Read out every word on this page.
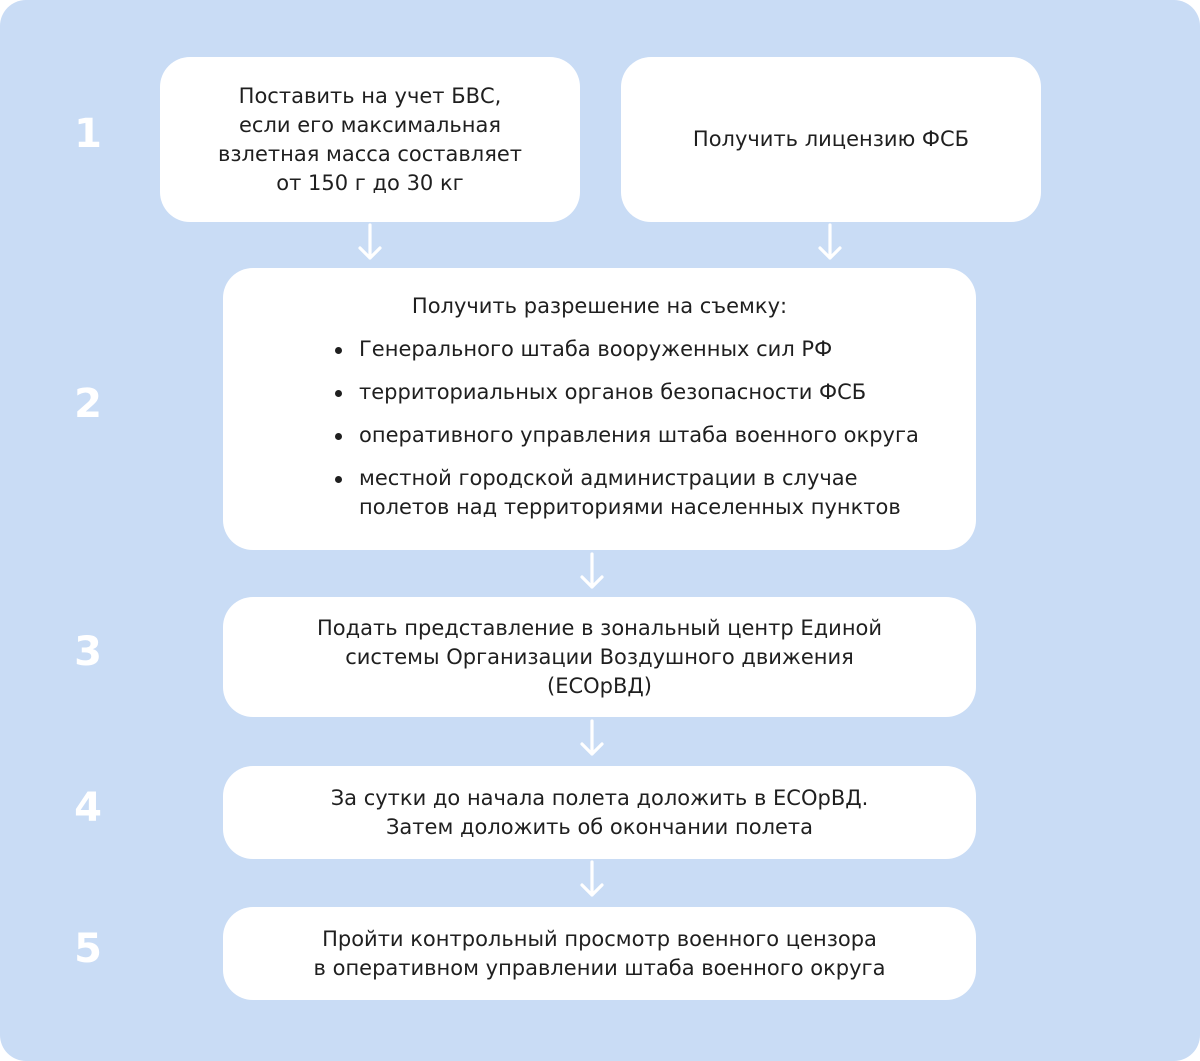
1
2
3
4
5
Поставить на учет БВС,
если его максимальная
взлетная масса составляет
от 150 г до 30 кг
Получить лицензию ФСБ
Получить разрешение на съемку:
Генерального штаба вооруженных сил РФ
территориальных органов безопасности ФСБ
оперативного управления штаба военного округа
местной городской администрации в случае
полетов над территориями населенных пунктов
Подать представление в зональный центр Единой
системы Организации Воздушного движения
(ЕСОрВД)
За сутки до начала полета доложить в ЕСОрВД.
Затем доложить об окончании полета
Пройти контрольный просмотр военного цензора
в оперативном управлении штаба военного округа
